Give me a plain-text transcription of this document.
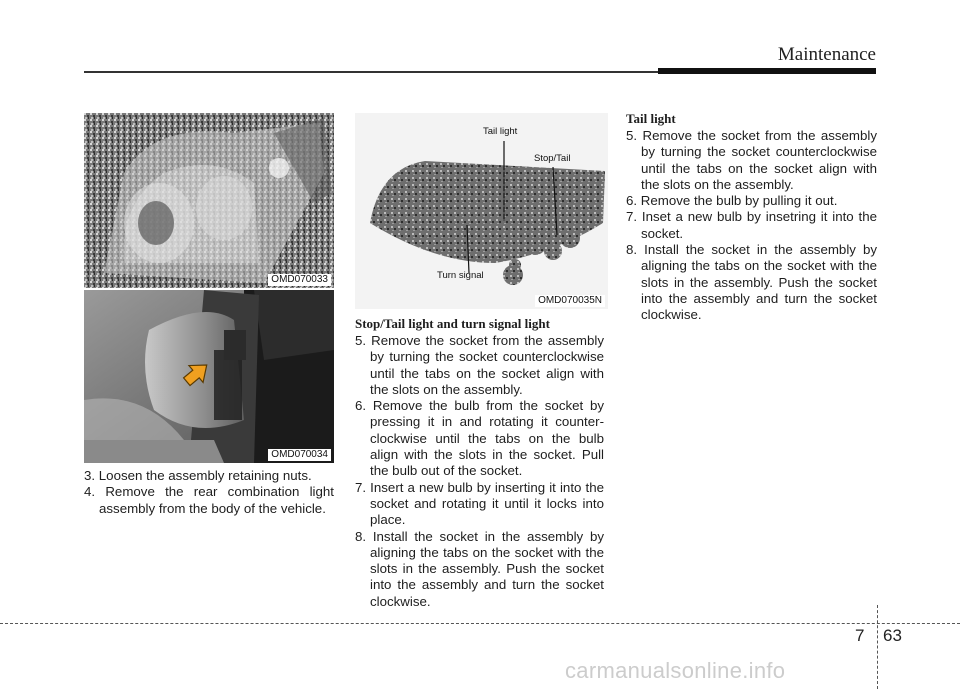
Maintenance
OMD070033
OMD070034
Tail light
Stop/Tail
Turn signal
OMD070035N
3. Loosen the assembly retaining nuts.
4. Remove the rear combination light assembly from the body of the vehicle.
Stop/Tail light and turn signal light
5. Remove the socket from the assembly by turning the socket counterclockwise until the tabs on the socket align with the slots on the assembly.
6. Remove the bulb from the socket by pressing it in and rotating it counter-clockwise until the tabs on the bulb align with the slots in the socket. Pull the bulb out of the socket.
7. Insert a new bulb by inserting it into the socket and rotating it until it locks into place.
8. Install the socket in the assembly by aligning the tabs on the socket with the slots in the assembly. Push the socket into the assembly and turn the socket clockwise.
Tail light
5. Remove the socket from the assembly by turning the socket counterclockwise until the tabs on the socket align with the slots on the assembly.
6. Remove the bulb by pulling it out.
7. Inset a new bulb by insetring it into the socket.
8. Install the socket in the assembly by aligning the tabs on the socket with the slots in the assembly. Push the socket into the assembly and turn the socket clockwise.
7 63
carmanualsonline.info
